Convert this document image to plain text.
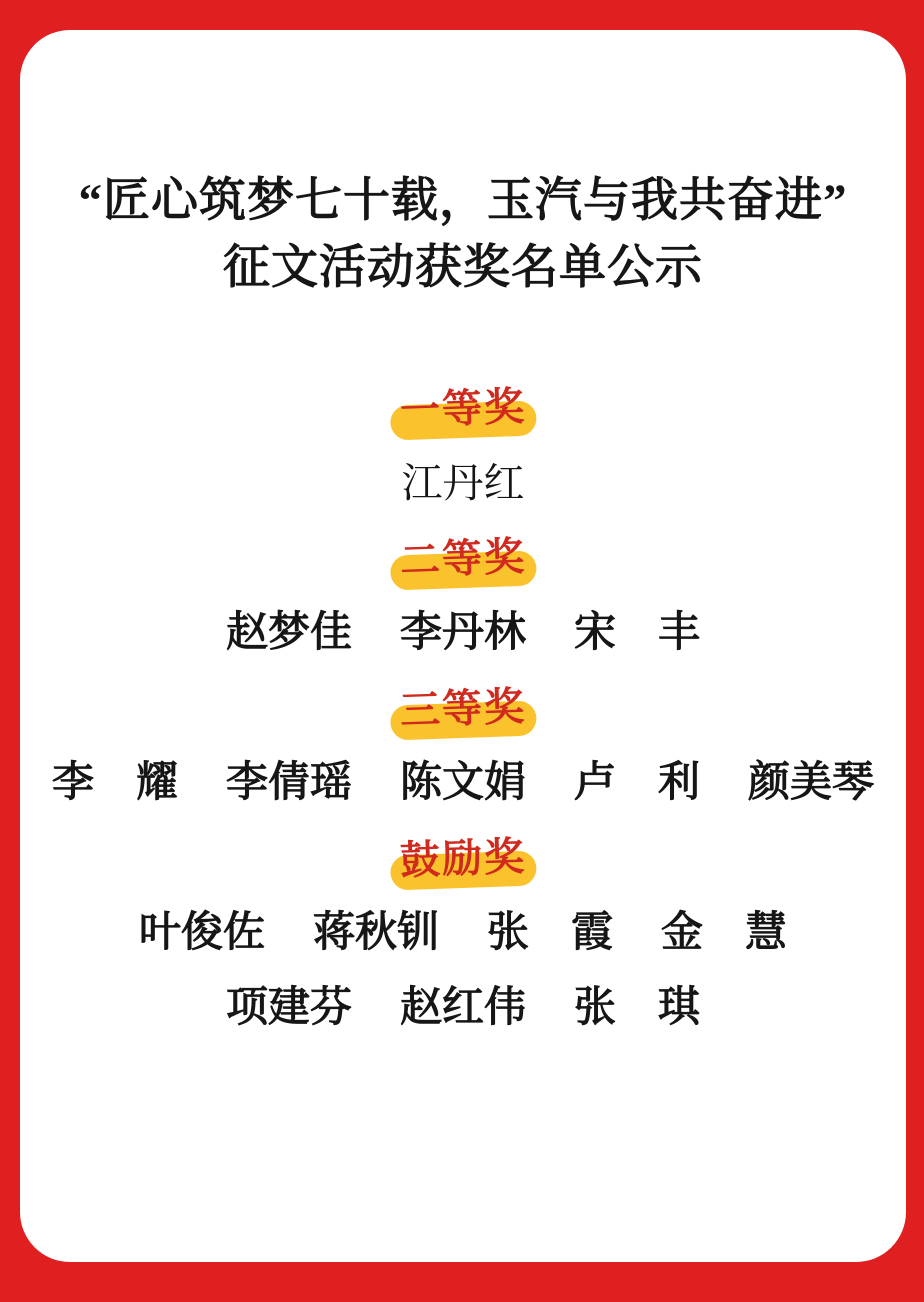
“匠心筑梦七十载，玉汽与我共奋进”
征文活动获奖名单公示
一等奖
江丹红
二等奖
赵梦佳 李丹林 宋　丰
三等奖
李　耀 李倩瑶 陈文娟 卢　利 颜美琴
鼓励奖
叶俊佐 蒋秋钏 张　霞 金　慧
项建芬 赵红伟 张　琪
